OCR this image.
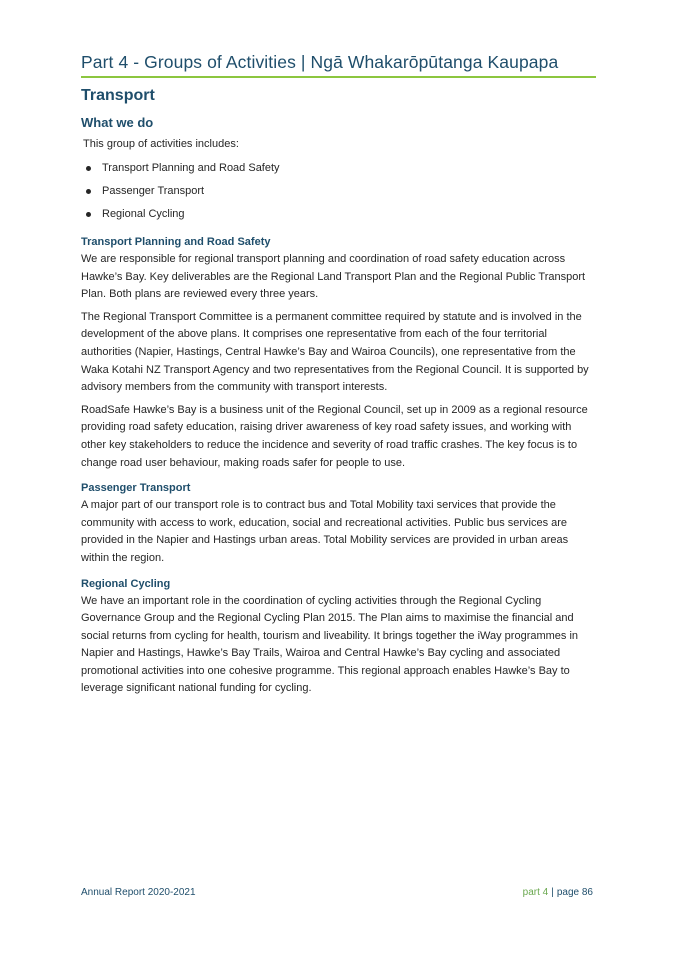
Part 4 - Groups of Activities | Ngā Whakarōpūtanga Kaupapa
Transport
What we do
This group of activities includes:
Transport Planning and Road Safety
Passenger Transport
Regional Cycling
Transport Planning and Road Safety

We are responsible for regional transport planning and coordination of road safety education across Hawke’s Bay. Key deliverables are the Regional Land Transport Plan and the Regional Public Transport Plan. Both plans are reviewed every three years.

The Regional Transport Committee is a permanent committee required by statute and is involved in the development of the above plans. It comprises one representative from each of the four territorial authorities (Napier, Hastings, Central Hawke’s Bay and Wairoa Councils), one representative from the Waka Kotahi NZ Transport Agency and two representatives from the Regional Council. It is supported by advisory members from the community with transport interests.

RoadSafe Hawke’s Bay is a business unit of the Regional Council, set up in 2009 as a regional resource providing road safety education, raising driver awareness of key road safety issues, and working with other key stakeholders to reduce the incidence and severity of road traffic crashes. The key focus is to change road user behaviour, making roads safer for people to use.

Passenger Transport

A major part of our transport role is to contract bus and Total Mobility taxi services that provide the community with access to work, education, social and recreational activities. Public bus services are provided in the Napier and Hastings urban areas. Total Mobility services are provided in urban areas within the region.

Regional Cycling

We have an important role in the coordination of cycling activities through the Regional Cycling Governance Group and the Regional Cycling Plan 2015. The Plan aims to maximise the financial and social returns from cycling for health, tourism and liveability. It brings together the iWay programmes in Napier and Hastings, Hawke’s Bay Trails, Wairoa and Central Hawke’s Bay cycling and associated promotional activities into one cohesive programme. This regional approach enables Hawke’s Bay to leverage significant national funding for cycling.

Annual Report 2020-2021	part 4 | page 86
